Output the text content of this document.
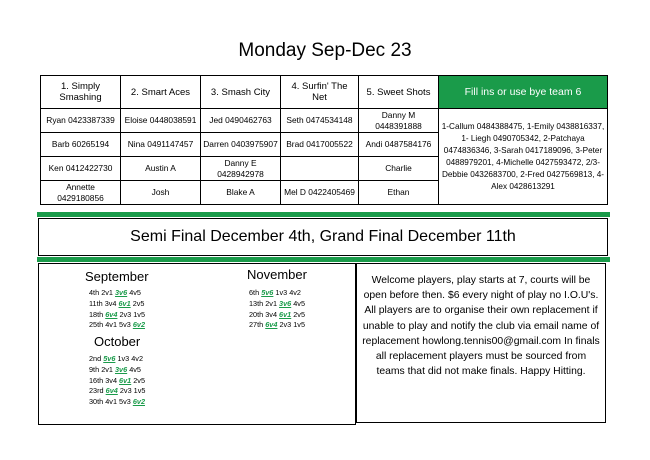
Monday Sep-Dec 23
1. Simply Smashing	2. Smart Aces	3. Smash City	4. Surfin' The Net	5. Sweet Shots	Fill ins or use bye team 6
Ryan 0423387339	Eloise 0448038591	Jed 0490462763	Seth 0474534148	Danny M 0448391888	1-Callum 0484388475, 1-Emily 0438816337, 1- Liegh 0490705342, 2-Patchaya 0474836346, 3-Sarah 0417189096, 3-Peter 0488979201, 4-Michelle 0427593472, 2/3-Debbie 0432683700, 2-Fred 0427569813, 4-Alex 0428613291
Barb 60265194	Nina 0491147457	Darren 0403975907	Brad 0417005522	Andi 0487584176	
Ken 0412422730	Austin A	Danny E 0428942978		Charlie	
Annette 0429180856	Josh	Blake A	Mel D 0422405469	Ethan	
Semi Final December 4th, Grand Final December 11th
September
4th 2v1 3v6 4v5
11th 3v4 6v1 2v5
18th 6v4 2v3 1v5
25th 4v1 5v3 6v2
October
2nd 5v6 1v3 4v2
9th 2v1 3v6 4v5
16th 3v4 6v1 2v5
23rd 6v4 2v3 1v5
30th 4v1 5v3 6v2
November
6th 5v6 1v3 4v2
13th 2v1 3v6 4v5
20th 3v4 6v1 2v5
27th 6v4 2v3 1v5
Welcome players, play starts at 7, courts will be open before then. $6 every night of play no I.O.U's. All players are to organise their own replacement if unable to play and notify the club via email name of replacement howlong.tennis00@gmail.com In finals all replacement players must be sourced from teams that did not make finals. Happy Hitting.
